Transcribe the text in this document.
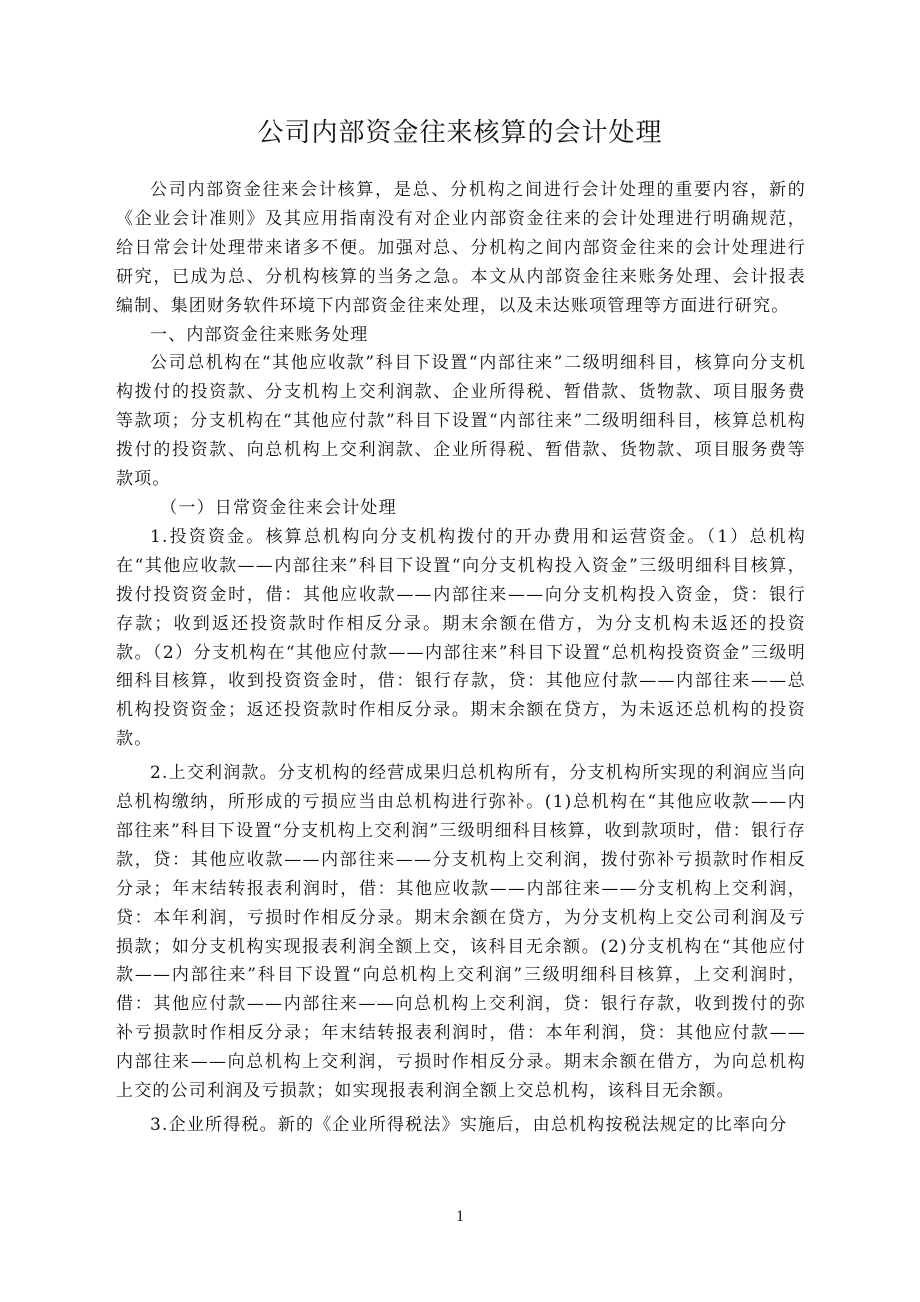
公司内部资金往来核算的会计处理

公司内部资金往来会计核算，是总、分机构之间进行会计处理的重要内容，新的《企业会计准则》及其应用指南没有对企业内部资金往来的会计处理进行明确规范，给日常会计处理带来诸多不便。加强对总、分机构之间内部资金往来的会计处理进行研究，已成为总、分机构核算的当务之急。本文从内部资金往来账务处理、会计报表编制、集团财务软件环境下内部资金往来处理，以及未达账项管理等方面进行研究。

一、内部资金往来账务处理

公司总机构在“其他应收款”科目下设置“内部往来”二级明细科目，核算向分支机构拨付的投资款、分支机构上交利润款、企业所得税、暂借款、货物款、项目服务费等款项；分支机构在“其他应付款”科目下设置“内部往来”二级明细科目，核算总机构拨付的投资款、向总机构上交利润款、企业所得税、暂借款、货物款、项目服务费等款项。

（一）日常资金往来会计处理

1.投资资金。核算总机构向分支机构拨付的开办费用和运营资金。（1）总机构在“其他应收款——内部往来”科目下设置“向分支机构投入资金”三级明细科目核算，拨付投资资金时，借：其他应收款——内部往来——向分支机构投入资金，贷：银行存款；收到返还投资款时作相反分录。期末余额在借方，为分支机构未返还的投资款。（2）分支机构在“其他应付款——内部往来”科目下设置“总机构投资资金”三级明细科目核算，收到投资资金时，借：银行存款，贷：其他应付款——内部往来——总机构投资资金；返还投资款时作相反分录。期末余额在贷方，为未返还总机构的投资款。

2.上交利润款。分支机构的经营成果归总机构所有，分支机构所实现的利润应当向总机构缴纳，所形成的亏损应当由总机构进行弥补。(1)总机构在“其他应收款——内部往来”科目下设置“分支机构上交利润”三级明细科目核算，收到款项时，借：银行存款，贷：其他应收款——内部往来——分支机构上交利润，拨付弥补亏损款时作相反分录；年末结转报表利润时，借：其他应收款——内部往来——分支机构上交利润，贷：本年利润，亏损时作相反分录。期末余额在贷方，为分支机构上交公司利润及亏损款；如分支机构实现报表利润全额上交，该科目无余额。(2)分支机构在“其他应付款——内部往来”科目下设置“向总机构上交利润”三级明细科目核算，上交利润时，借：其他应付款——内部往来——向总机构上交利润，贷：银行存款，收到拨付的弥补亏损款时作相反分录；年末结转报表利润时，借：本年利润，贷：其他应付款——内部往来——向总机构上交利润，亏损时作相反分录。期末余额在借方，为向总机构上交的公司利润及亏损款；如实现报表利润全额上交总机构，该科目无余额。

3.企业所得税。新的《企业所得税法》实施后，由总机构按税法规定的比率向分

1
